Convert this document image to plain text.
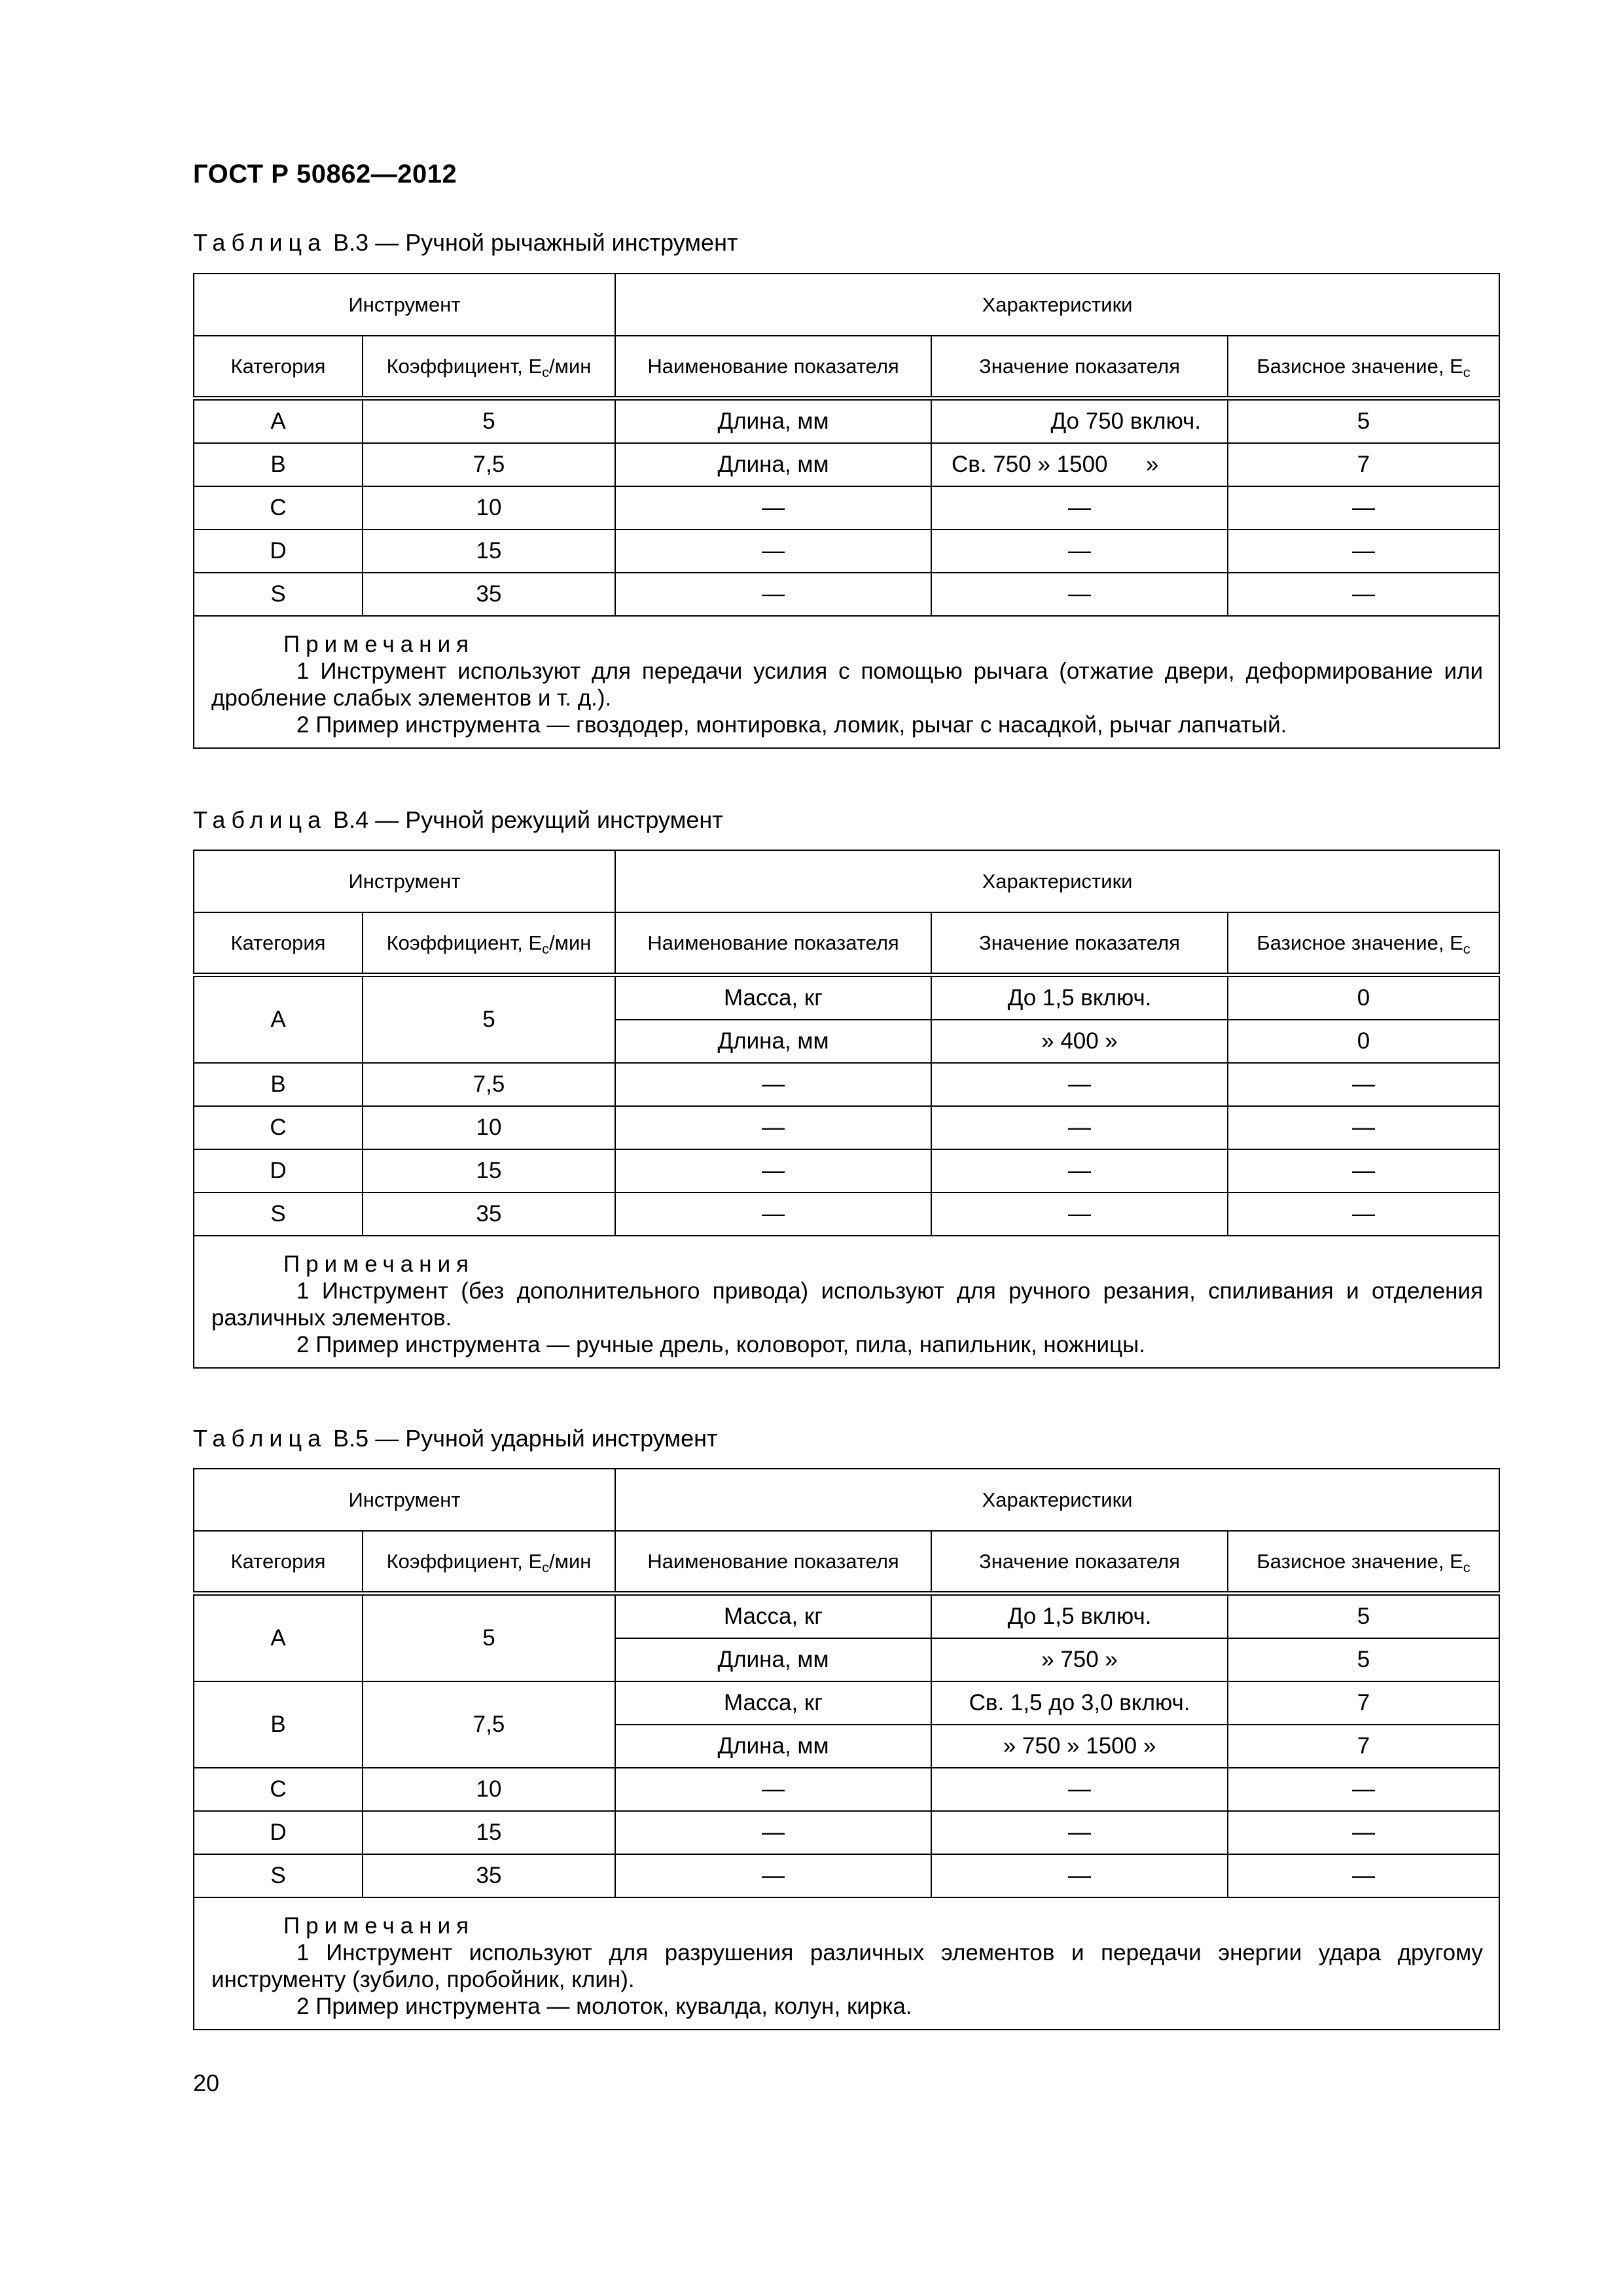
ГОСТ Р 50862—2012
Таблица В.3 — Ручной рычажный инструмент
Инструмент		Характеристики		
Категория	Коэффициент, $E_c$/мин	Наименование показателя	Значение показателя	Базисное значение, $E_c$
A	5	Длина, мм	До 750 включ.	5
B	7,5	Длина, мм	Св. 750 » 1500      »	7
C	10	—	—	—
D	15	—	—	—
S	35	—	—	—

Примечания
1 Инструмент используют для передачи усилия с помощью рычага (отжатие двери, деформирование или дробление слабых элементов и т. д.).
2 Пример инструмента — гвоздодер, монтировка, ломик, рычаг с насадкой, рычаг лапчатый.				
Таблица В.4 — Ручной режущий инструмент
Инструмент		Характеристики		
Категория	Коэффициент, $E_c$/мин	Наименование показателя	Значение показателя	Базисное значение, $E_c$
A	5	Масса, кг	До 1,5 включ.	0
		Длина, мм	» 400 »	0
B	7,5	—	—	—
C	10	—	—	—
D	15	—	—	—
S	35	—	—	—

Примечания
1 Инструмент (без дополнительного привода) используют для ручного резания, спиливания и отделения различных элементов.
2 Пример инструмента — ручные дрель, коловорот, пила, напильник, ножницы.				
Таблица В.5 — Ручной ударный инструмент
Инструмент		Характеристики		
Категория	Коэффициент, $E_c$/мин	Наименование показателя	Значение показателя	Базисное значение, $E_c$
A	5	Масса, кг	До 1,5 включ.	5
		Длина, мм	» 750 »	5
B	7,5	Масса, кг	Св. 1,5 до 3,0 включ.	7
		Длина, мм	» 750 » 1500 »	7
C	10	—	—	—
D	15	—	—	—
S	35	—	—	—

Примечания
1 Инструмент используют для разрушения различных элементов и передачи энергии удара другому инструменту (зубило, пробойник, клин).
2 Пример инструмента — молоток, кувалда, колун, кирка.				
20
